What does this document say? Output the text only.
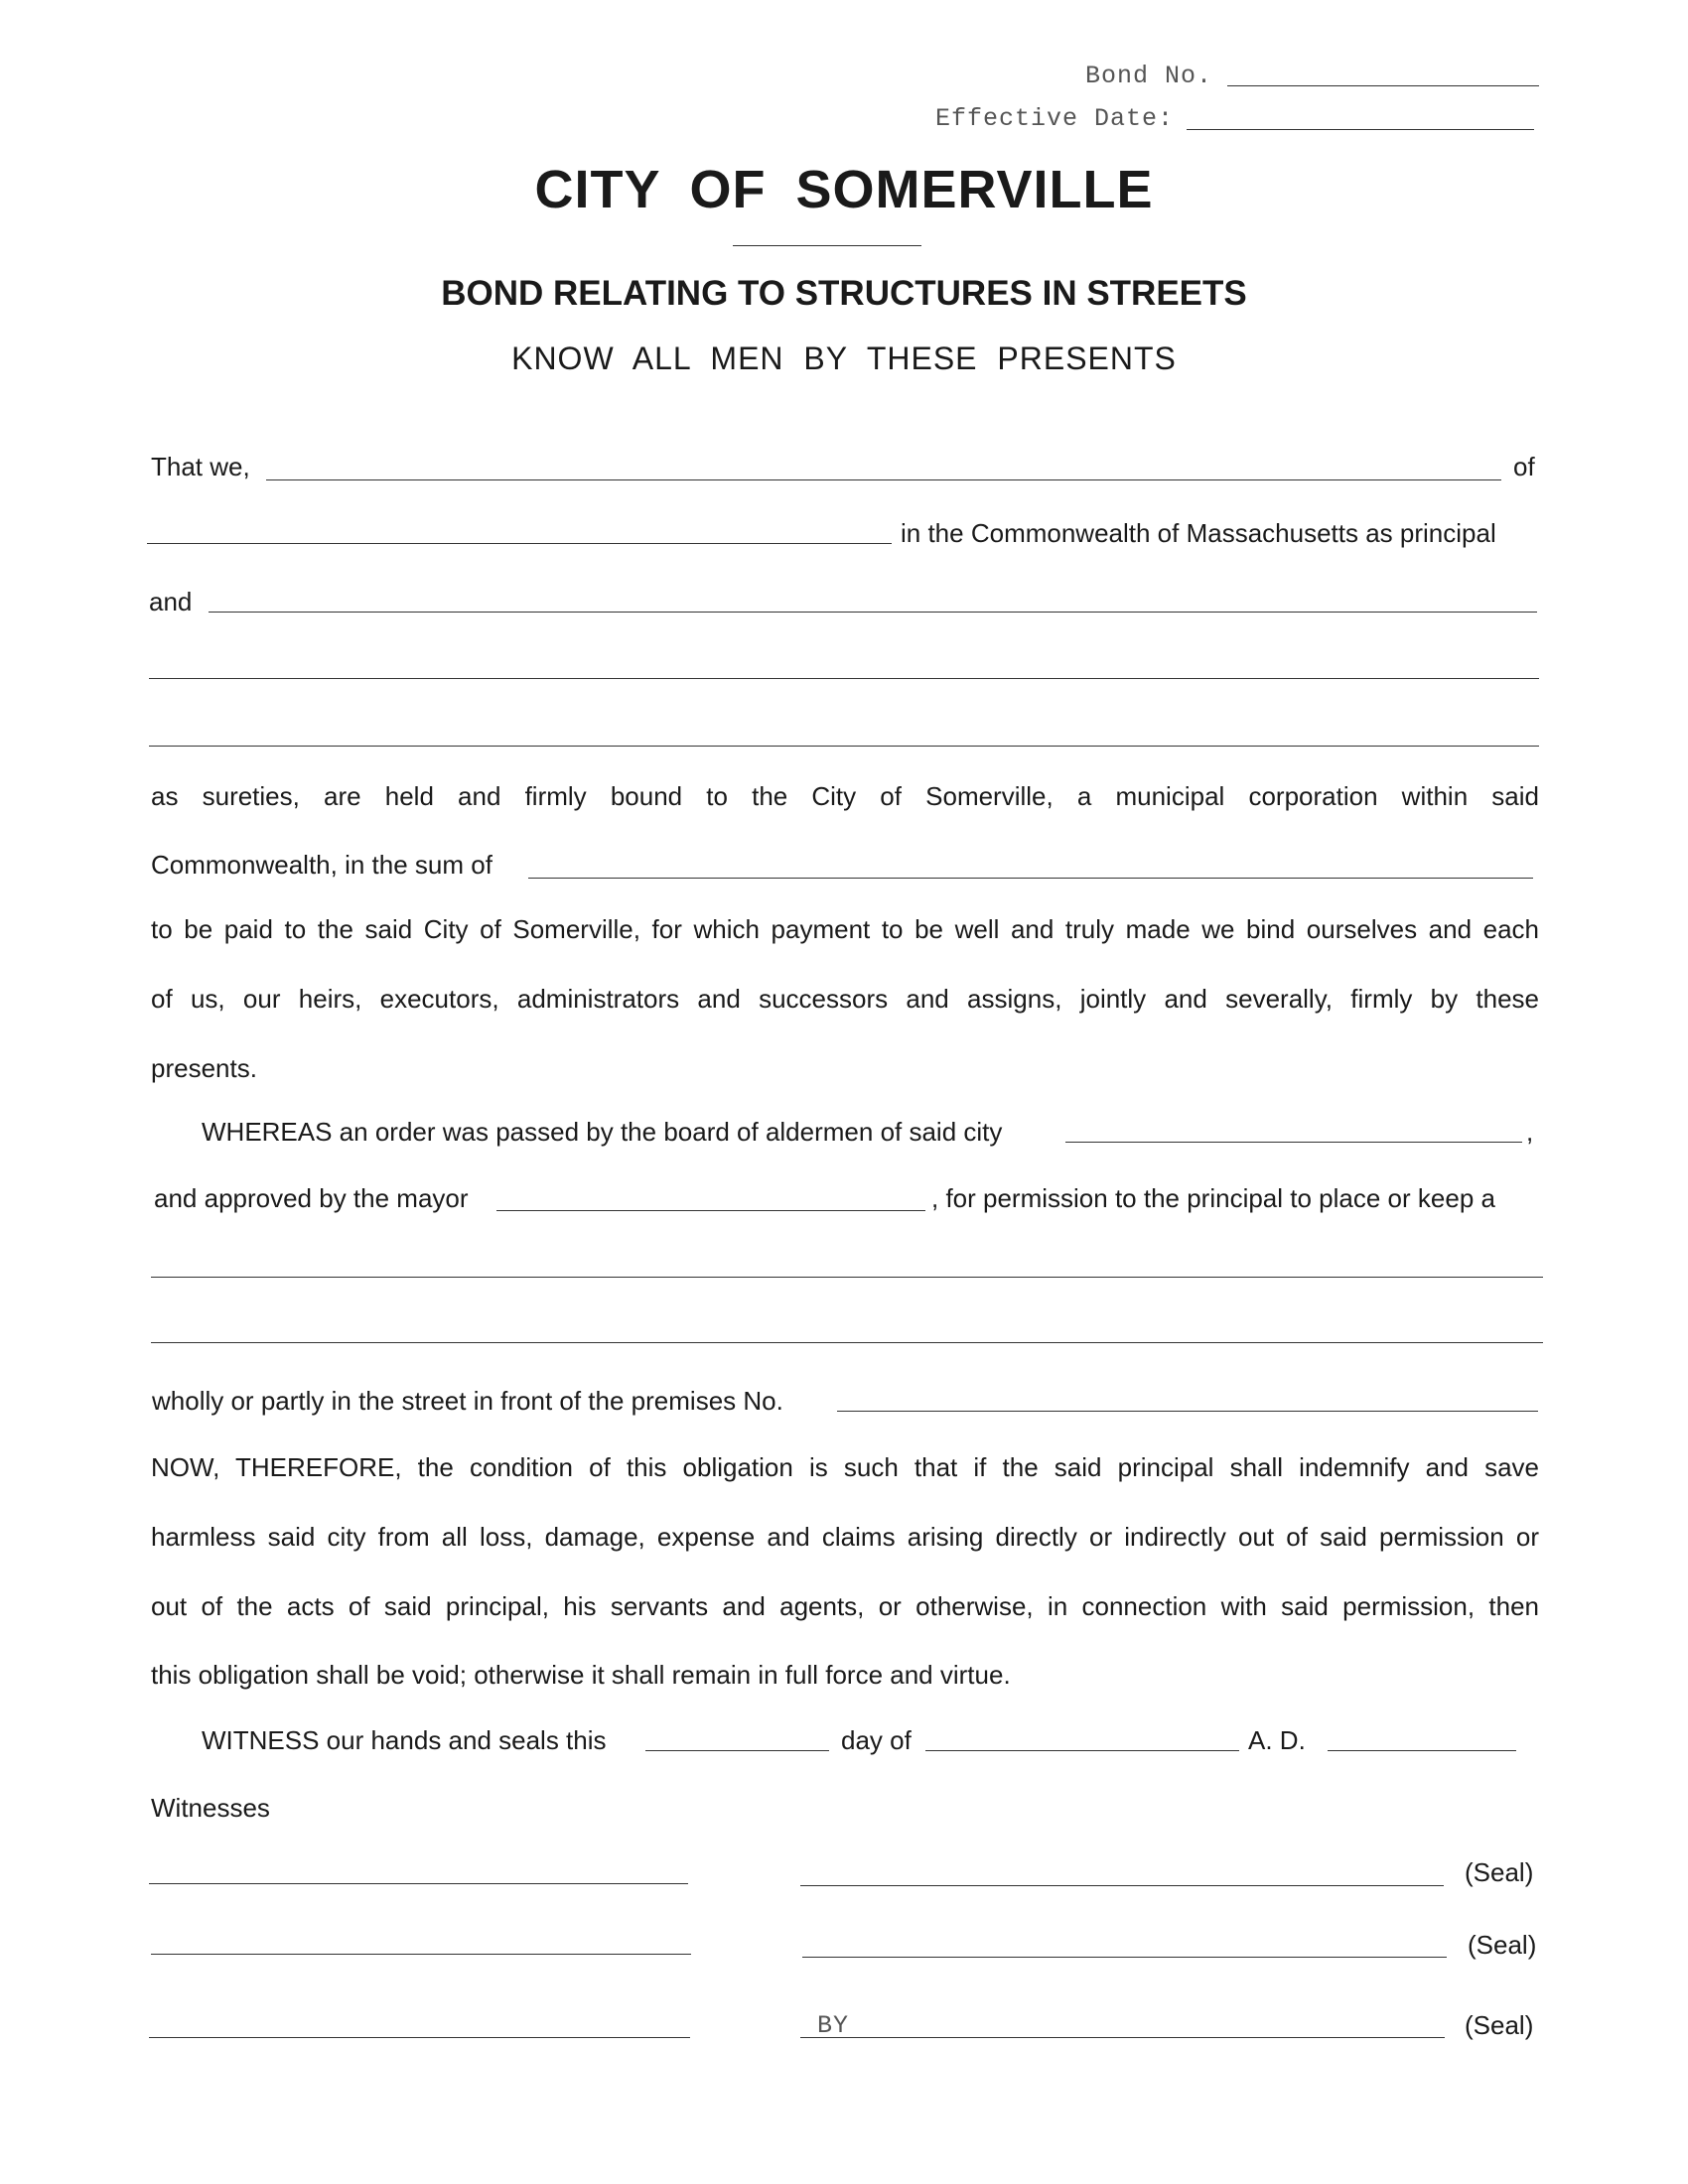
Bond No.
Effective Date:
CITY OF SOMERVILLE
BOND RELATING TO STRUCTURES IN STREETS
KNOW ALL MEN BY THESE PRESENTS
That we,	of
in the Commonwealth of Massachusetts as principal
and
as sureties, are held and firmly bound to the City of Somerville, a municipal corporation within said
Commonwealth, in the sum of
to be paid to the said City of Somerville, for which payment to be well and truly made we bind ourselves and each
of us, our heirs, executors, administrators and successors and assigns, jointly and severally, firmly by these
presents.
WHEREAS an order was passed by the board of aldermen of said city	,
and approved by the mayor	, for permission to the principal to place or keep a
wholly or partly in the street in front of the premises No.
NOW, THEREFORE, the condition of this obligation is such that if the said principal shall indemnify and save
harmless said city from all loss, damage, expense and claims arising directly or indirectly out of said permission or
out of the acts of said principal, his servants and agents, or otherwise, in connection with said permission, then
this obligation shall be void; otherwise it shall remain in full force and virtue.
WITNESS our hands and seals this	day of	A. D.
Witnesses
(Seal)
(Seal)
BY	(Seal)
